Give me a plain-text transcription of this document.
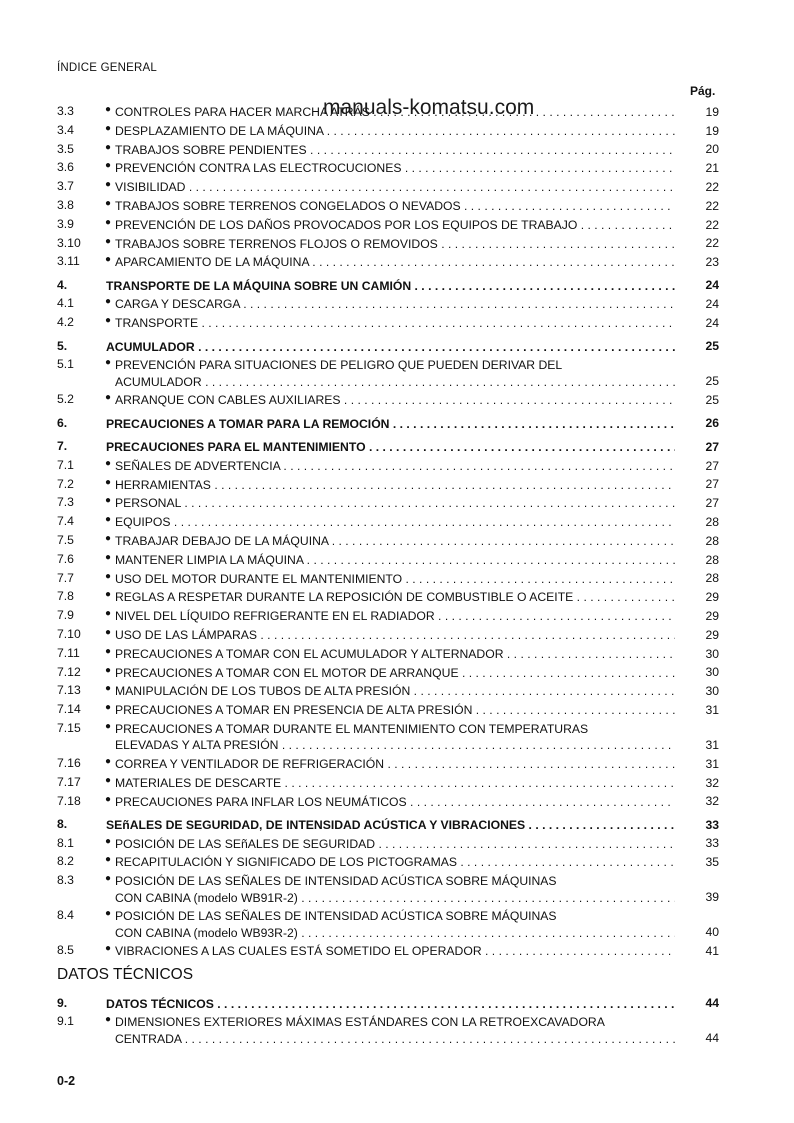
ÍNDICE GENERAL
Pág.
3.3	● CONTROLES PARA HACER MARCHA ATRÁS . . .	19
3.4	● DESPLAZAMIENTO DE LA MÁQUINA . . .	19
3.5	● TRABAJOS SOBRE PENDIENTES . . .	20
3.6	● PREVENCIÓN CONTRA LAS ELECTROCUCIONES . . .	21
3.7	● VISIBILIDAD . . .	22
3.8	● TRABAJOS SOBRE TERRENOS CONGELADOS O NEVADOS . . .	22
3.9	● PREVENCIÓN DE LOS DAÑOS PROVOCADOS POR LOS EQUIPOS DE TRABAJO . . .	22
3.10 ● TRABAJOS SOBRE TERRENOS FLOJOS O REMOVIDOS . . .	22
3.11	● APARCAMIENTO DE LA MÁQUINA . . .	23
4.	TRANSPORTE DE LA MÁQUINA SOBRE UN CAMIÓN . . .	24
4.1	● CARGA Y DESCARGA . . .	24
4.2	● TRANSPORTE . . .	24
5.	ACUMULADOR . . .	25
5.1	● PREVENCIÓN PARA SITUACIONES DE PELIGRO QUE PUEDEN DERIVAR DEL
ACUMULADOR . . .	25
5.2	● ARRANQUE CON CABLES AUXILIARES . . .	25
6.	PRECAUCIONES A TOMAR PARA LA REMOCIÓN . . .	26
7.	PRECAUCIONES PARA EL MANTENIMIENTO . . .	27
7.1	● SEÑALES DE ADVERTENCIA . . .	27
7.2	● HERRAMIENTAS . . .	27
7.3	● PERSONAL . . .	27
7.4	● EQUIPOS . . .	28
7.5	● TRABAJAR DEBAJO DE LA MÁQUINA . . .	28
7.6	● MANTENER LIMPIA LA MÁQUINA . . .	28
7.7	● USO DEL MOTOR DURANTE EL MANTENIMIENTO . . .	28
7.8	● REGLAS A RESPETAR DURANTE LA REPOSICIÓN DE COMBUSTIBLE O ACEITE . . .	29
7.9	● NIVEL DEL LÍQUIDO REFRIGERANTE EN EL RADIADOR . . .	29
7.10 ● USO DE LAS LÁMPARAS . . .	29
7.11	● PRECAUCIONES A TOMAR CON EL ACUMULADOR Y ALTERNADOR . . .	30
7.12 ● PRECAUCIONES A TOMAR CON EL MOTOR DE ARRANQUE . . .	30
7.13 ● MANIPULACIÓN DE LOS TUBOS DE ALTA PRESIÓN . . .	30
7.14 ● PRECAUCIONES A TOMAR EN PRESENCIA DE ALTA PRESIÓN . . .	31
7.15 ● PRECAUCIONES A TOMAR DURANTE EL MANTENIMIENTO CON TEMPERATURAS
ELEVADAS Y ALTA PRESIÓN . . .	31
7.16 ● CORREA Y VENTILADOR DE REFRIGERACIÓN . . .	31
7.17 ● MATERIALES DE DESCARTE . . .	32
7.18 ● PRECAUCIONES PARA INFLAR LOS NEUMÁTICOS . . .	32
8.	SEñALES DE SEGURIDAD, DE INTENSIDAD ACÚSTICA Y VIBRACIONES . . .	33
8.1	● POSICIÓN DE LAS SEñALES DE SEGURIDAD . . .	33
8.2	● RECAPITULACIÓN Y SIGNIFICADO DE LOS PICTOGRAMAS . . .	35
8.3	● POSICIÓN DE LAS SEÑALES DE INTENSIDAD ACÚSTICA SOBRE MÁQUINAS
CON CABINA (modelo WB91R-2) . . .	39
8.4	● POSICIÓN DE LAS SEÑALES DE INTENSIDAD ACÚSTICA SOBRE MÁQUINAS
CON CABINA (modelo WB93R-2) . . .	40
8.5	● VIBRACIONES A LAS CUALES ESTÁ SOMETIDO EL OPERADOR . . .	41
manuals-komatsu.com
DATOS TÉCNICOS
9.	DATOS TÉCNICOS . . .	44
9.1	● DIMENSIONES EXTERIORES MÁXIMAS ESTÁNDARES CON LA RETROEXCAVADORA
CENTRADA . . .	44
0-2
